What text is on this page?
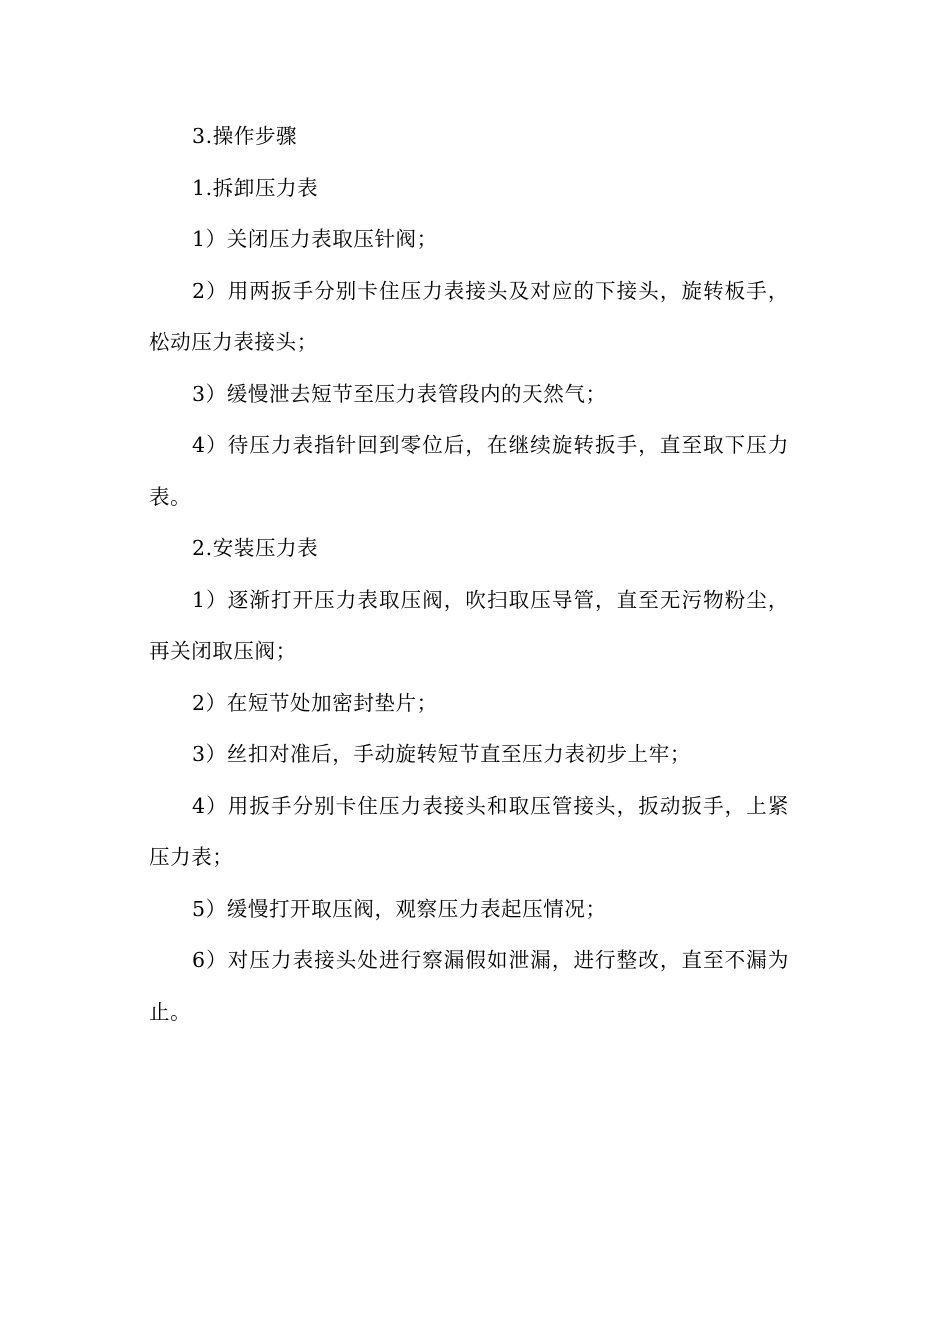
3.操作步骤

1.拆卸压力表

1）关闭压力表取压针阀；

2）用两扳手分别卡住压力表接头及对应的下接头，旋转板手，松动压力表接头；

3）缓慢泄去短节至压力表管段内的天然气；

4）待压力表指针回到零位后，在继续旋转扳手，直至取下压力表。

2.安装压力表

1）逐渐打开压力表取压阀，吹扫取压导管，直至无污物粉尘，再关闭取压阀；

2）在短节处加密封垫片；

3）丝扣对准后，手动旋转短节直至压力表初步上牢；

4）用扳手分别卡住压力表接头和取压管接头，扳动扳手，上紧压力表；

5）缓慢打开取压阀，观察压力表起压情况；

6）对压力表接头处进行察漏假如泄漏，进行整改，直至不漏为止。
